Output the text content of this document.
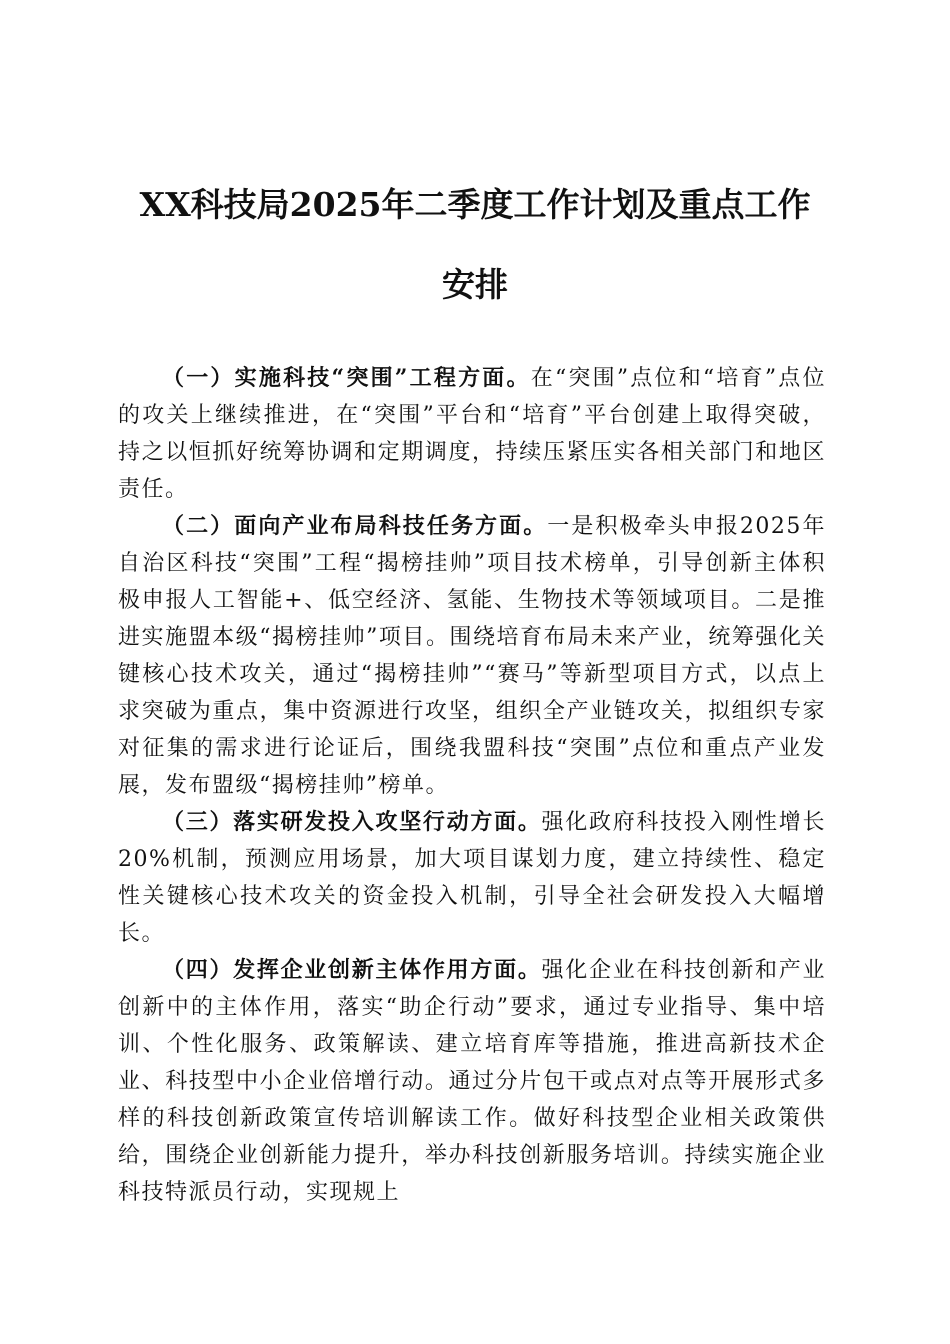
XX科技局2025年二季度工作计划及重点工作
安排

（一）实施科技“突围”工程方面。在“突围”点位和“培育”点位的攻关上继续推进，在“突围”平台和“培育”平台创建上取得突破，持之以恒抓好统筹协调和定期调度，持续压紧压实各相关部门和地区责任。

（二）面向产业布局科技任务方面。一是积极牵头申报2025年自治区科技“突围”工程“揭榜挂帅”项目技术榜单，引导创新主体积极申报人工智能+、低空经济、氢能、生物技术等领域项目。二是推进实施盟本级“揭榜挂帅”项目。围绕培育布局未来产业，统筹强化关键核心技术攻关，通过“揭榜挂帅”“赛马”等新型项目方式，以点上求突破为重点，集中资源进行攻坚，组织全产业链攻关，拟组织专家对征集的需求进行论证后，围绕我盟科技“突围”点位和重点产业发展，发布盟级“揭榜挂帅”榜单。

（三）落实研发投入攻坚行动方面。强化政府科技投入刚性增长20%机制，预测应用场景，加大项目谋划力度，建立持续性、稳定性关键核心技术攻关的资金投入机制，引导全社会研发投入大幅增长。

（四）发挥企业创新主体作用方面。强化企业在科技创新和产业创新中的主体作用，落实“助企行动”要求，通过专业指导、集中培训、个性化服务、政策解读、建立培育库等措施，推进高新技术企业、科技型中小企业倍增行动。通过分片包干或点对点等开展形式多样的科技创新政策宣传培训解读工作。做好科技型企业相关政策供给，围绕企业创新能力提升，举办科技创新服务培训。持续实施企业科技特派员行动，实现规上
